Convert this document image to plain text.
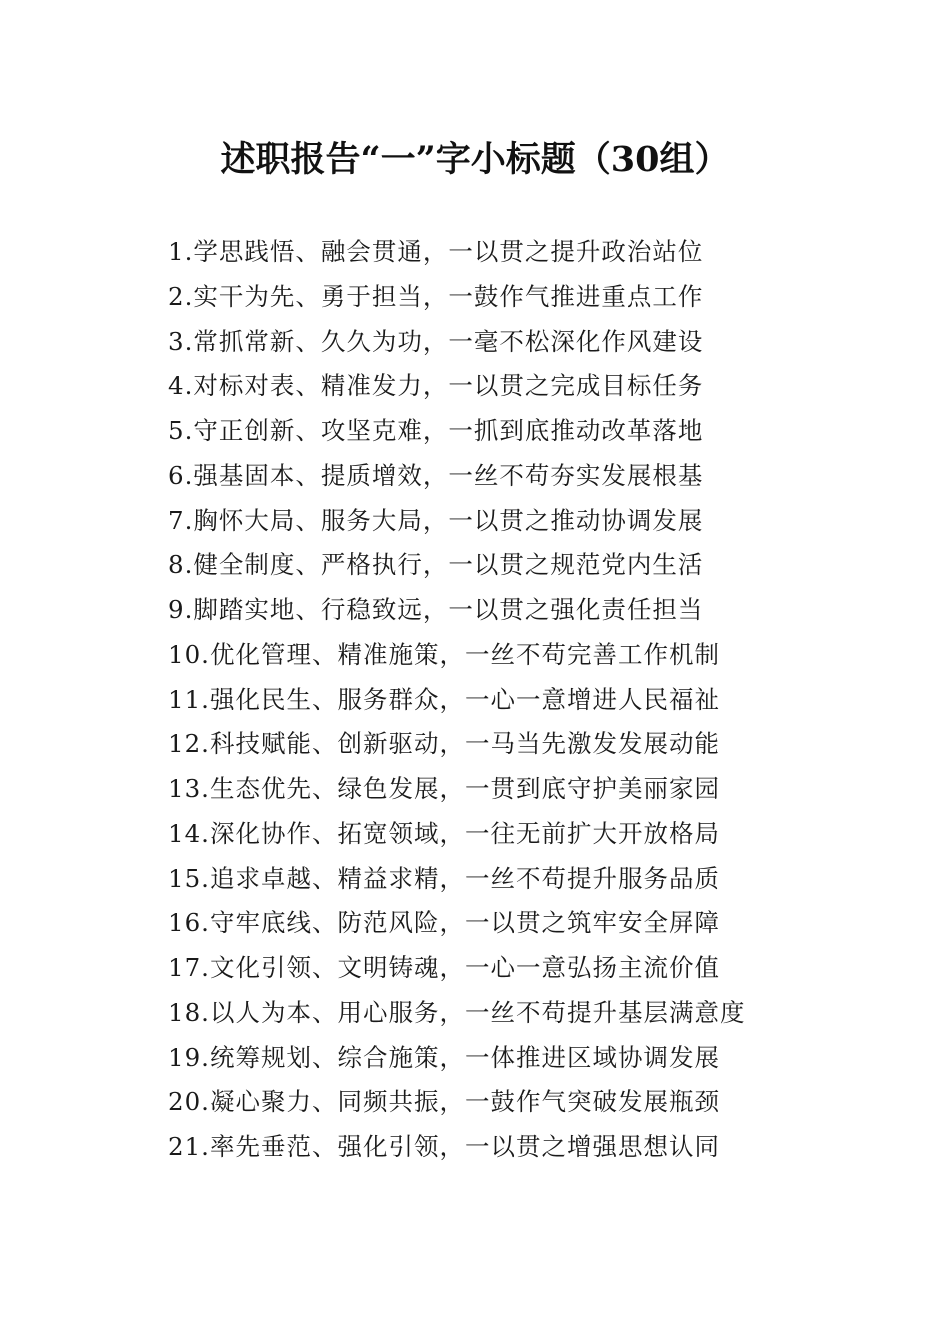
述职报告“一”字小标题（30组）
1.学思践悟、融会贯通，一以贯之提升政治站位
2.实干为先、勇于担当，一鼓作气推进重点工作
3.常抓常新、久久为功，一毫不松深化作风建设
4.对标对表、精准发力，一以贯之完成目标任务
5.守正创新、攻坚克难，一抓到底推动改革落地
6.强基固本、提质增效，一丝不苟夯实发展根基
7.胸怀大局、服务大局，一以贯之推动协调发展
8.健全制度、严格执行，一以贯之规范党内生活
9.脚踏实地、行稳致远，一以贯之强化责任担当
10.优化管理、精准施策，一丝不苟完善工作机制
11.强化民生、服务群众，一心一意增进人民福祉
12.科技赋能、创新驱动，一马当先激发发展动能
13.生态优先、绿色发展，一贯到底守护美丽家园
14.深化协作、拓宽领域，一往无前扩大开放格局
15.追求卓越、精益求精，一丝不苟提升服务品质
16.守牢底线、防范风险，一以贯之筑牢安全屏障
17.文化引领、文明铸魂，一心一意弘扬主流价值
18.以人为本、用心服务，一丝不苟提升基层满意度
19.统筹规划、综合施策，一体推进区域协调发展
20.凝心聚力、同频共振，一鼓作气突破发展瓶颈
21.率先垂范、强化引领，一以贯之增强思想认同
